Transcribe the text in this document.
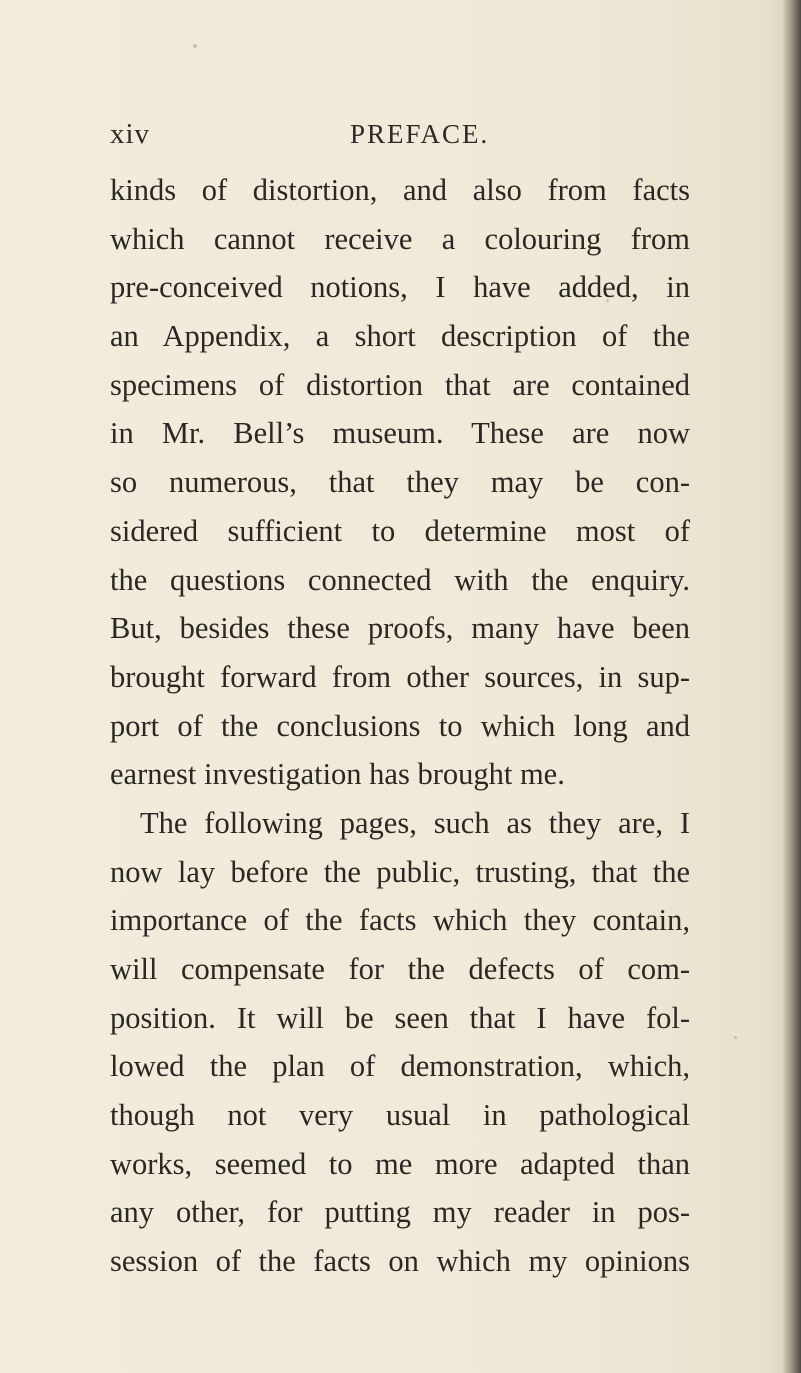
xiv	PREFACE.
kinds of distortion, and also from facts
which cannot receive a colouring from
pre-conceived notions, I have added, in
an Appendix, a short description of the
specimens of distortion that are contained
in Mr. Bell’s museum. These are now
so numerous, that they may be con-
sidered sufficient to determine most of
the questions connected with the enquiry.
But, besides these proofs, many have been
brought forward from other sources, in sup-
port of the conclusions to which long and
earnest investigation has brought me.
The following pages, such as they are, I
now lay before the public, trusting, that the
importance of the facts which they contain,
will compensate for the defects of com-
position. It will be seen that I have fol-
lowed the plan of demonstration, which,
though not very usual in pathological
works, seemed to me more adapted than
any other, for putting my reader in pos-
session of the facts on which my opinions
